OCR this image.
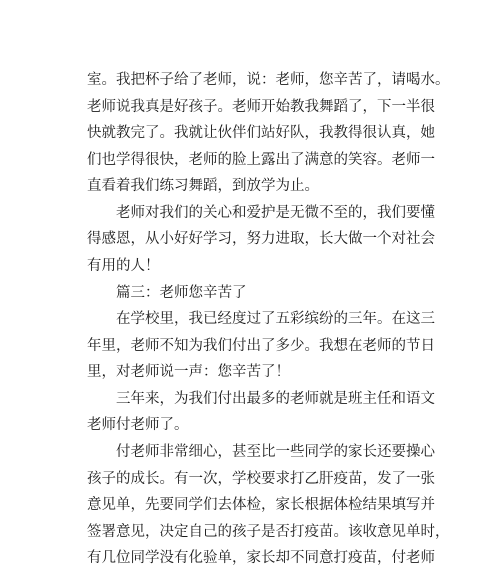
室。我把杯子给了老师，说：老师，您辛苦了，请喝水。
老师说我真是好孩子。老师开始教我舞蹈了，下一半很
快就教完了。我就让伙伴们站好队，我教得很认真，她
们也学得很快，老师的脸上露出了满意的笑容。老师一
直看着我们练习舞蹈，到放学为止。
老师对我们的关心和爱护是无微不至的，我们要懂
得感恩，从小好好学习，努力进取，长大做一个对社会
有用的人！
篇三：老师您辛苦了
在学校里，我已经度过了五彩缤纷的三年。在这三
年里，老师不知为我们付出了多少。我想在老师的节日
里，对老师说一声：您辛苦了！
三年来，为我们付出最多的老师就是班主任和语文
老师付老师了。
付老师非常细心，甚至比一些同学的家长还要操心
孩子的成长。有一次，学校要求打乙肝疫苗，发了一张
意见单，先要同学们去体检，家长根据体检结果填写并
签署意见，决定自己的孩子是否打疫苗。该收意见单时，
有几位同学没有化验单，家长却不同意打疫苗，付老师
